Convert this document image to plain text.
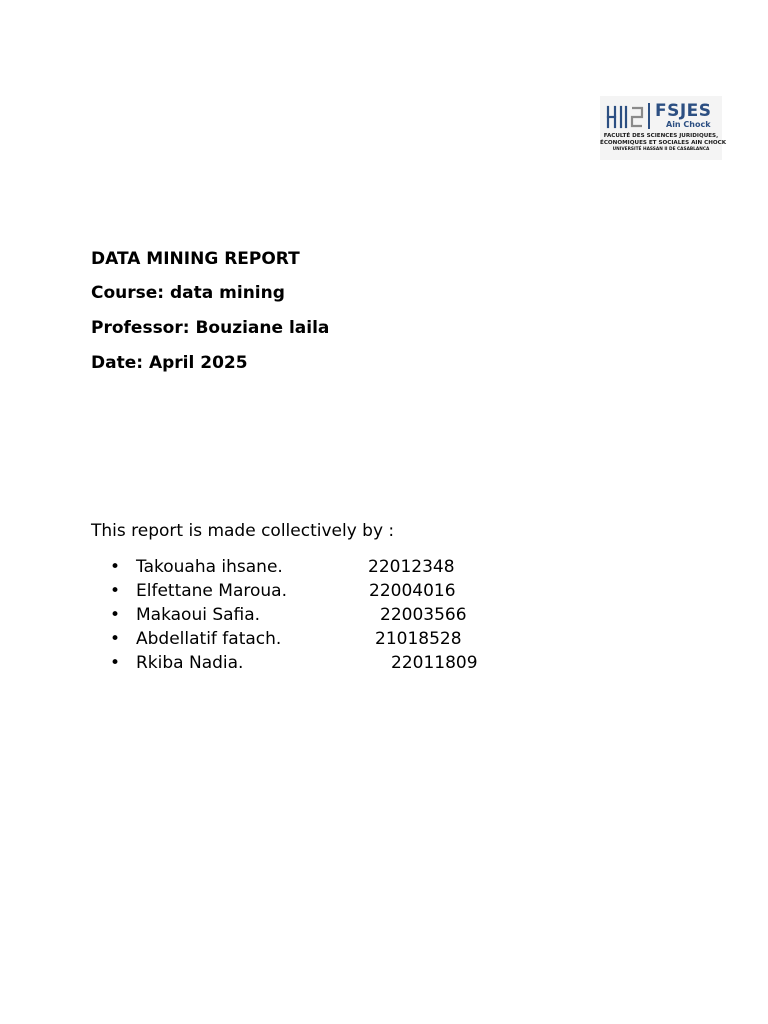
FSJES
Ain Chock
FACULTÉ DES SCIENCES JURIDIQUES,
ÉCONOMIQUES ET SOCIALES AIN CHOCK
UNIVERSITÉ HASSAN II DE CASABLANCA
DATA MINING REPORT
Course: data mining
Professor: Bouziane laila
Date: April 2025
This report is made collectively by :
• Takouaha ihsane.	22012348
• Elfettane Maroua.	22004016
• Makaoui Safia.	22003566
• Abdellatif fatach.	21018528
• Rkiba Nadia.	22011809
